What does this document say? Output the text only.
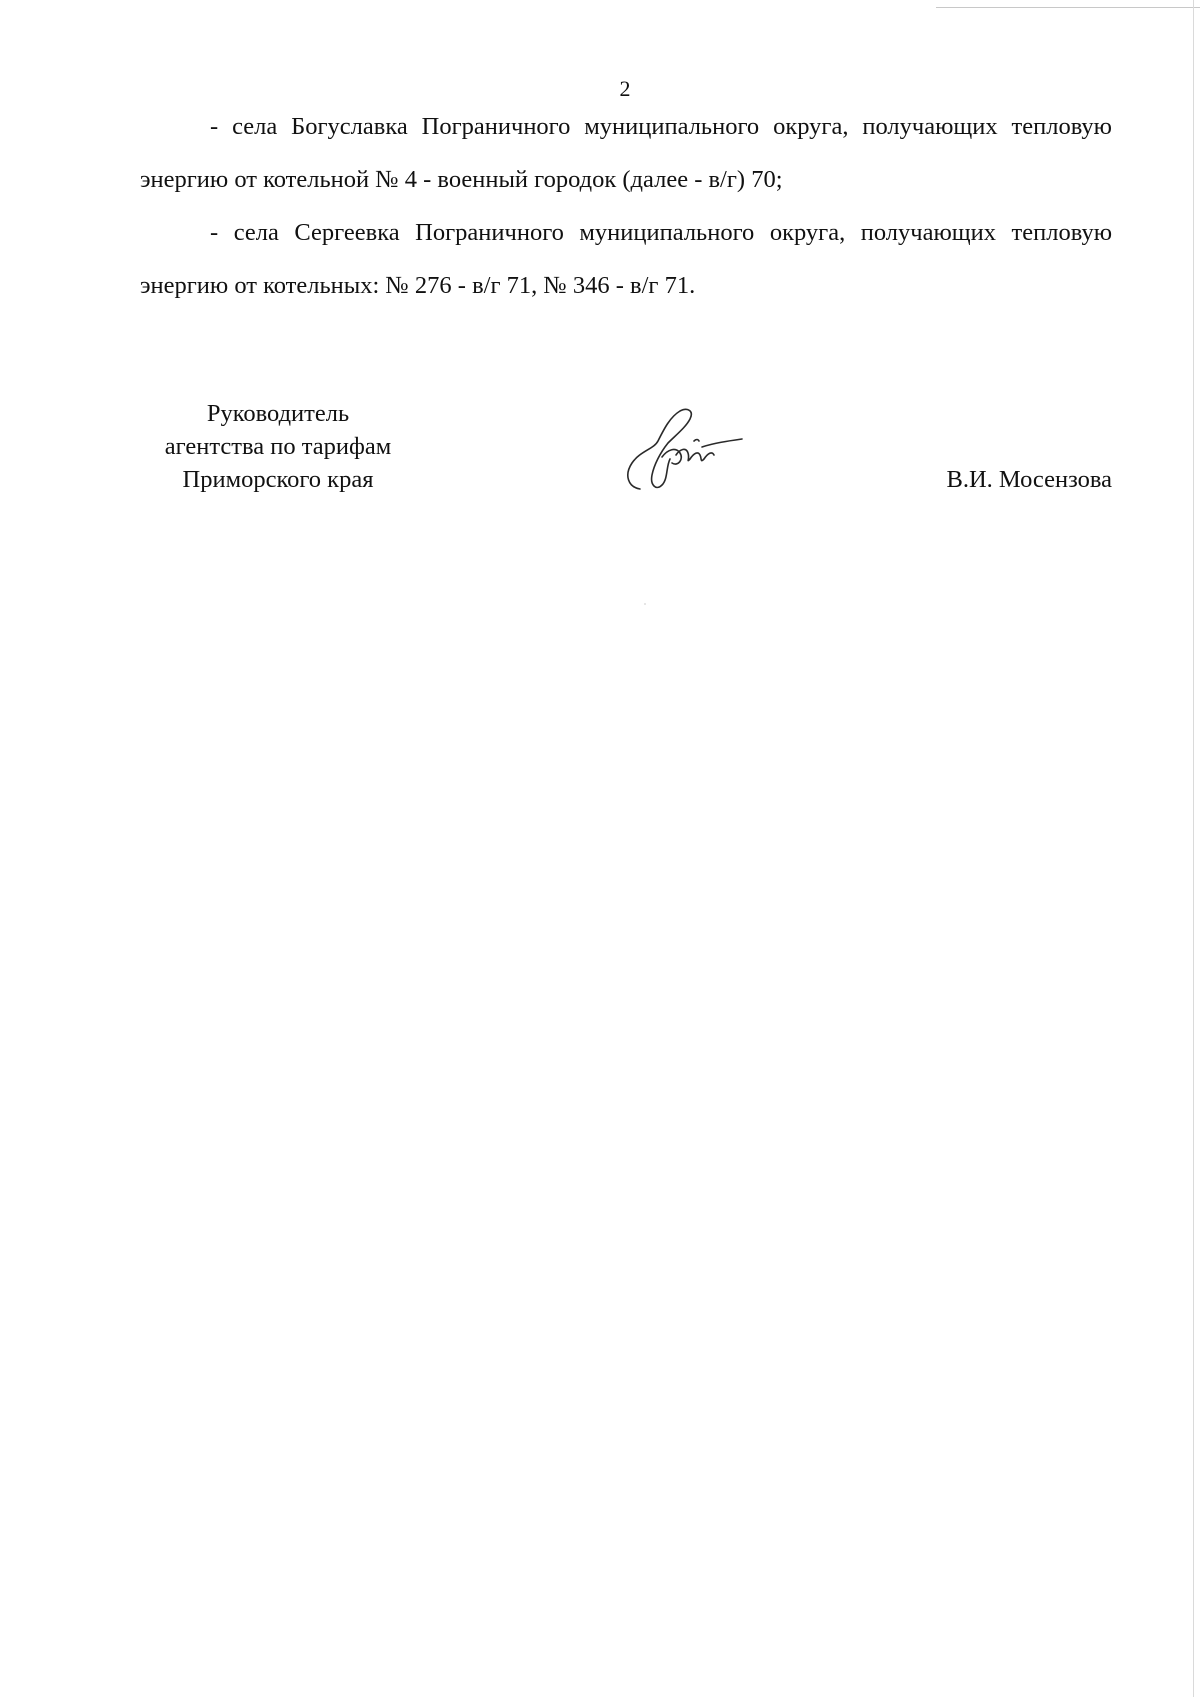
2

- села Богуславка Пограничного муниципального округа, получающих тепловую энергию от котельной № 4 - военный городок (далее - в/г) 70;

- села Сергеевка Пограничного муниципального округа, получающих тепловую энергию от котельных: № 276 - в/г 71, № 346 - в/г 71.

Руководитель
агентства по тарифам
Приморского края	В.И. Мосензова
